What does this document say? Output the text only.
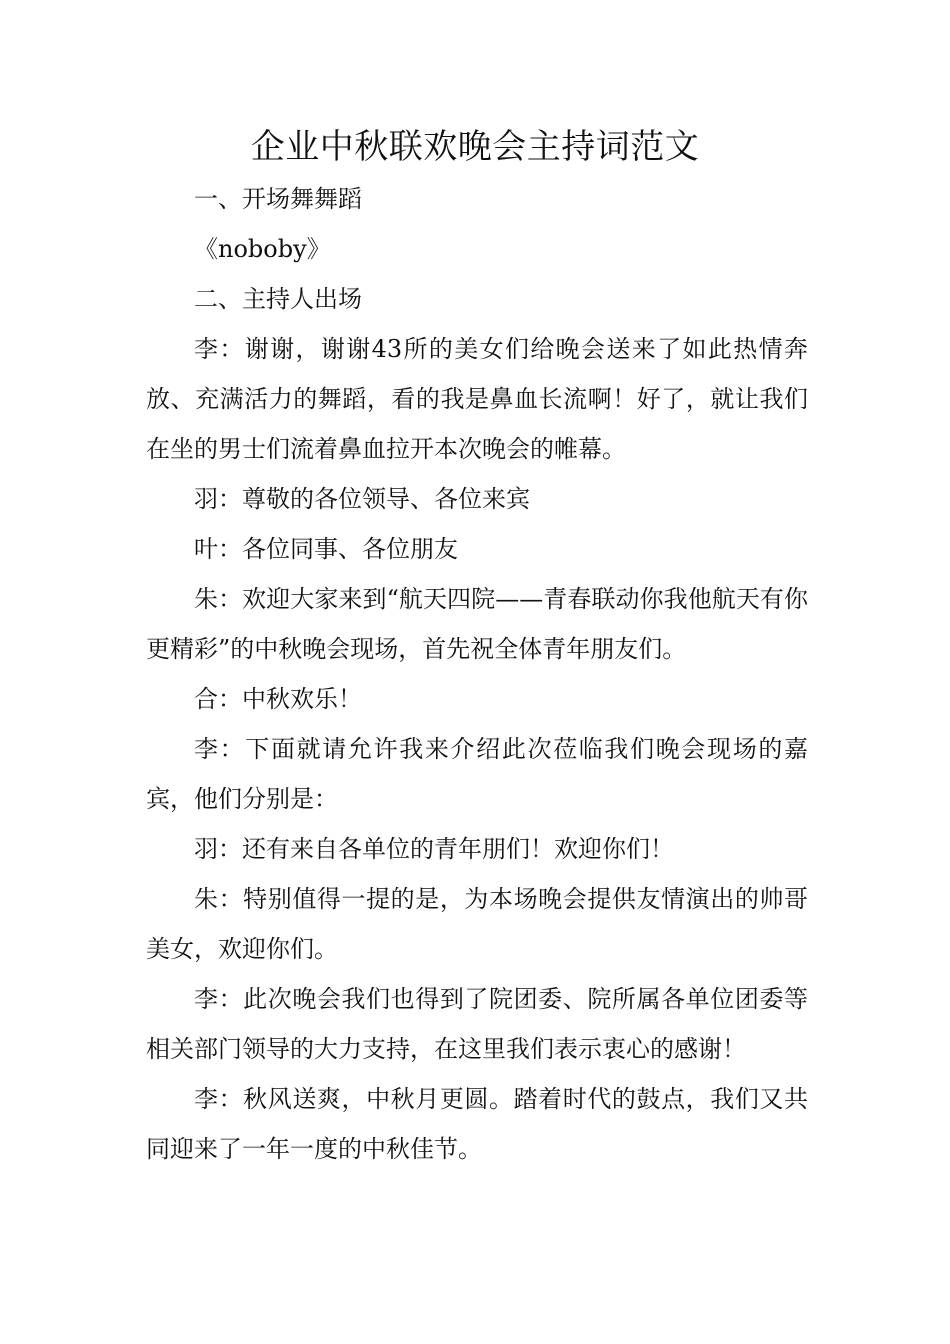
企业中秋联欢晚会主持词范文

一、开场舞舞蹈

《noboby》

二、主持人出场

李：谢谢，谢谢43所的美女们给晚会送来了如此热情奔放、充满活力的舞蹈，看的我是鼻血长流啊！好了，就让我们在坐的男士们流着鼻血拉开本次晚会的帷幕。

羽：尊敬的各位领导、各位来宾

叶：各位同事、各位朋友

朱：欢迎大家来到“航天四院——青春联动你我他航天有你更精彩”的中秋晚会现场，首先祝全体青年朋友们。

合：中秋欢乐！

李：下面就请允许我来介绍此次莅临我们晚会现场的嘉宾，他们分别是：

羽：还有来自各单位的青年朋们！欢迎你们！

朱：特别值得一提的是，为本场晚会提供友情演出的帅哥美女，欢迎你们。

李：此次晚会我们也得到了院团委、院所属各单位团委等相关部门领导的大力支持，在这里我们表示衷心的感谢！

李：秋风送爽，中秋月更圆。踏着时代的鼓点，我们又共同迎来了一年一度的中秋佳节。
